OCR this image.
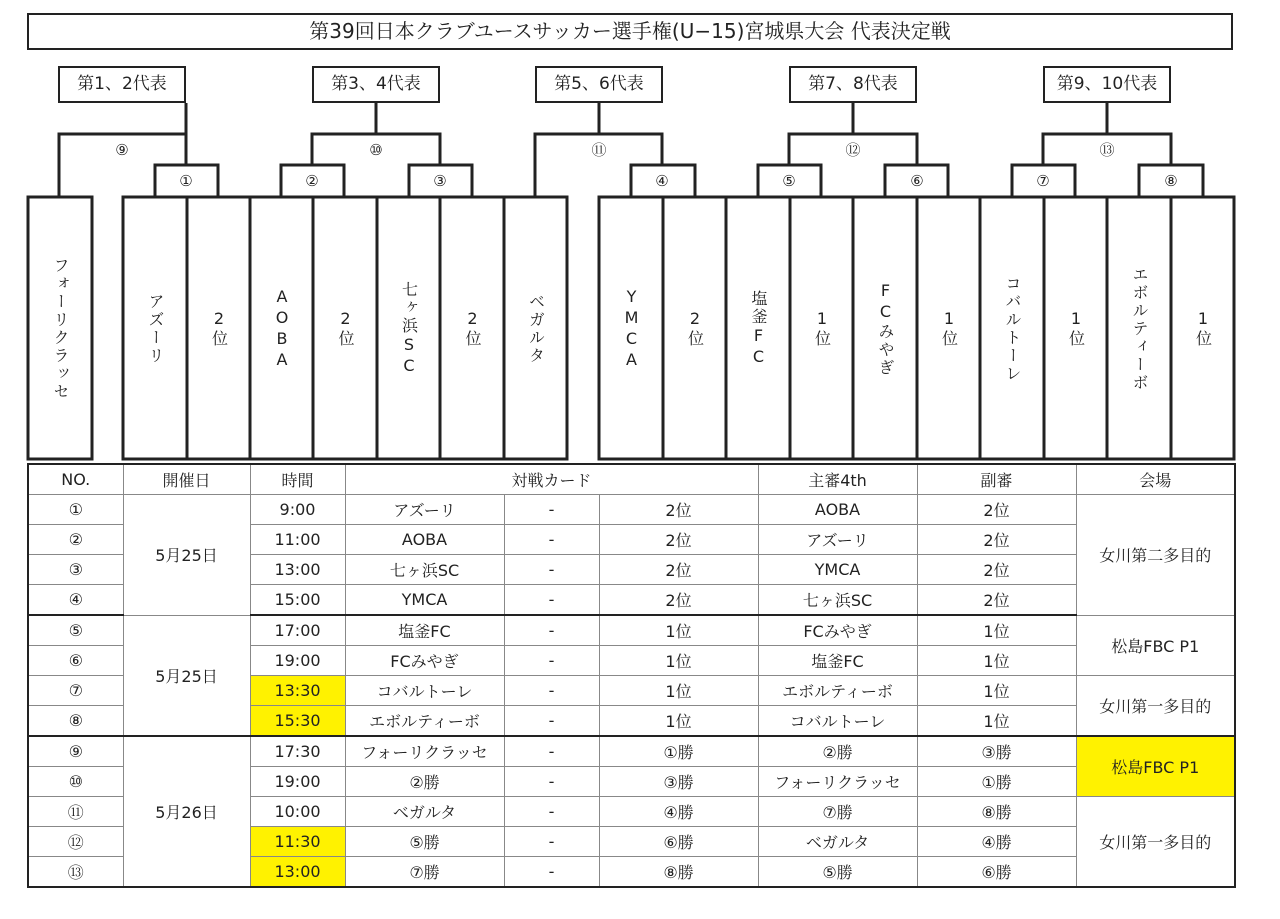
第39回日本クラブユースサッカー選手権(U−15)宮城県大会 代表決定戦
①	②	③	④	⑤	⑥	⑦	⑧
⑨	⑩	⑪	⑫	⑬
第1、2代表	第3、4代表	第5、6代表	第7、8代表	第9、10代表
フォーリクラッセ	アズーリ	2位	AOBA	2位	七ヶ浜SC	2位	ベガルタ	YMCA	2位	塩釜FC	1位	FCみやぎ	1位	コバルトーレ	1位	エボルティーボ	1位
NO.	開催日	時間	対戦カード			主審4th	副審	会場
①	5月25日	9:00	アズーリ	-	2位	AOBA	2位	女川第二多目的
②		11:00	AOBA	-	2位	アズーリ	2位	
③		13:00	七ヶ浜SC	-	2位	YMCA	2位	
④		15:00	YMCA	-	2位	七ヶ浜SC	2位	
⑤	5月25日	17:00	塩釜FC	-	1位	FCみやぎ	1位	松島FBC P1
⑥		19:00	FCみやぎ	-	1位	塩釜FC	1位	
⑦		13:30	コバルトーレ	-	1位	エボルティーボ	1位	女川第一多目的
⑧		15:30	エボルティーボ	-	1位	コバルトーレ	1位	
⑨	5月26日	17:30	フォーリクラッセ	-	①勝	②勝	③勝	松島FBC P1
⑩		19:00	②勝	-	③勝	フォーリクラッセ	①勝	
⑪		10:00	ベガルタ	-	④勝	⑦勝	⑧勝	女川第一多目的
⑫		11:30	⑤勝	-	⑥勝	ベガルタ	④勝	
⑬		13:00	⑦勝	-	⑧勝	⑤勝	⑥勝	
